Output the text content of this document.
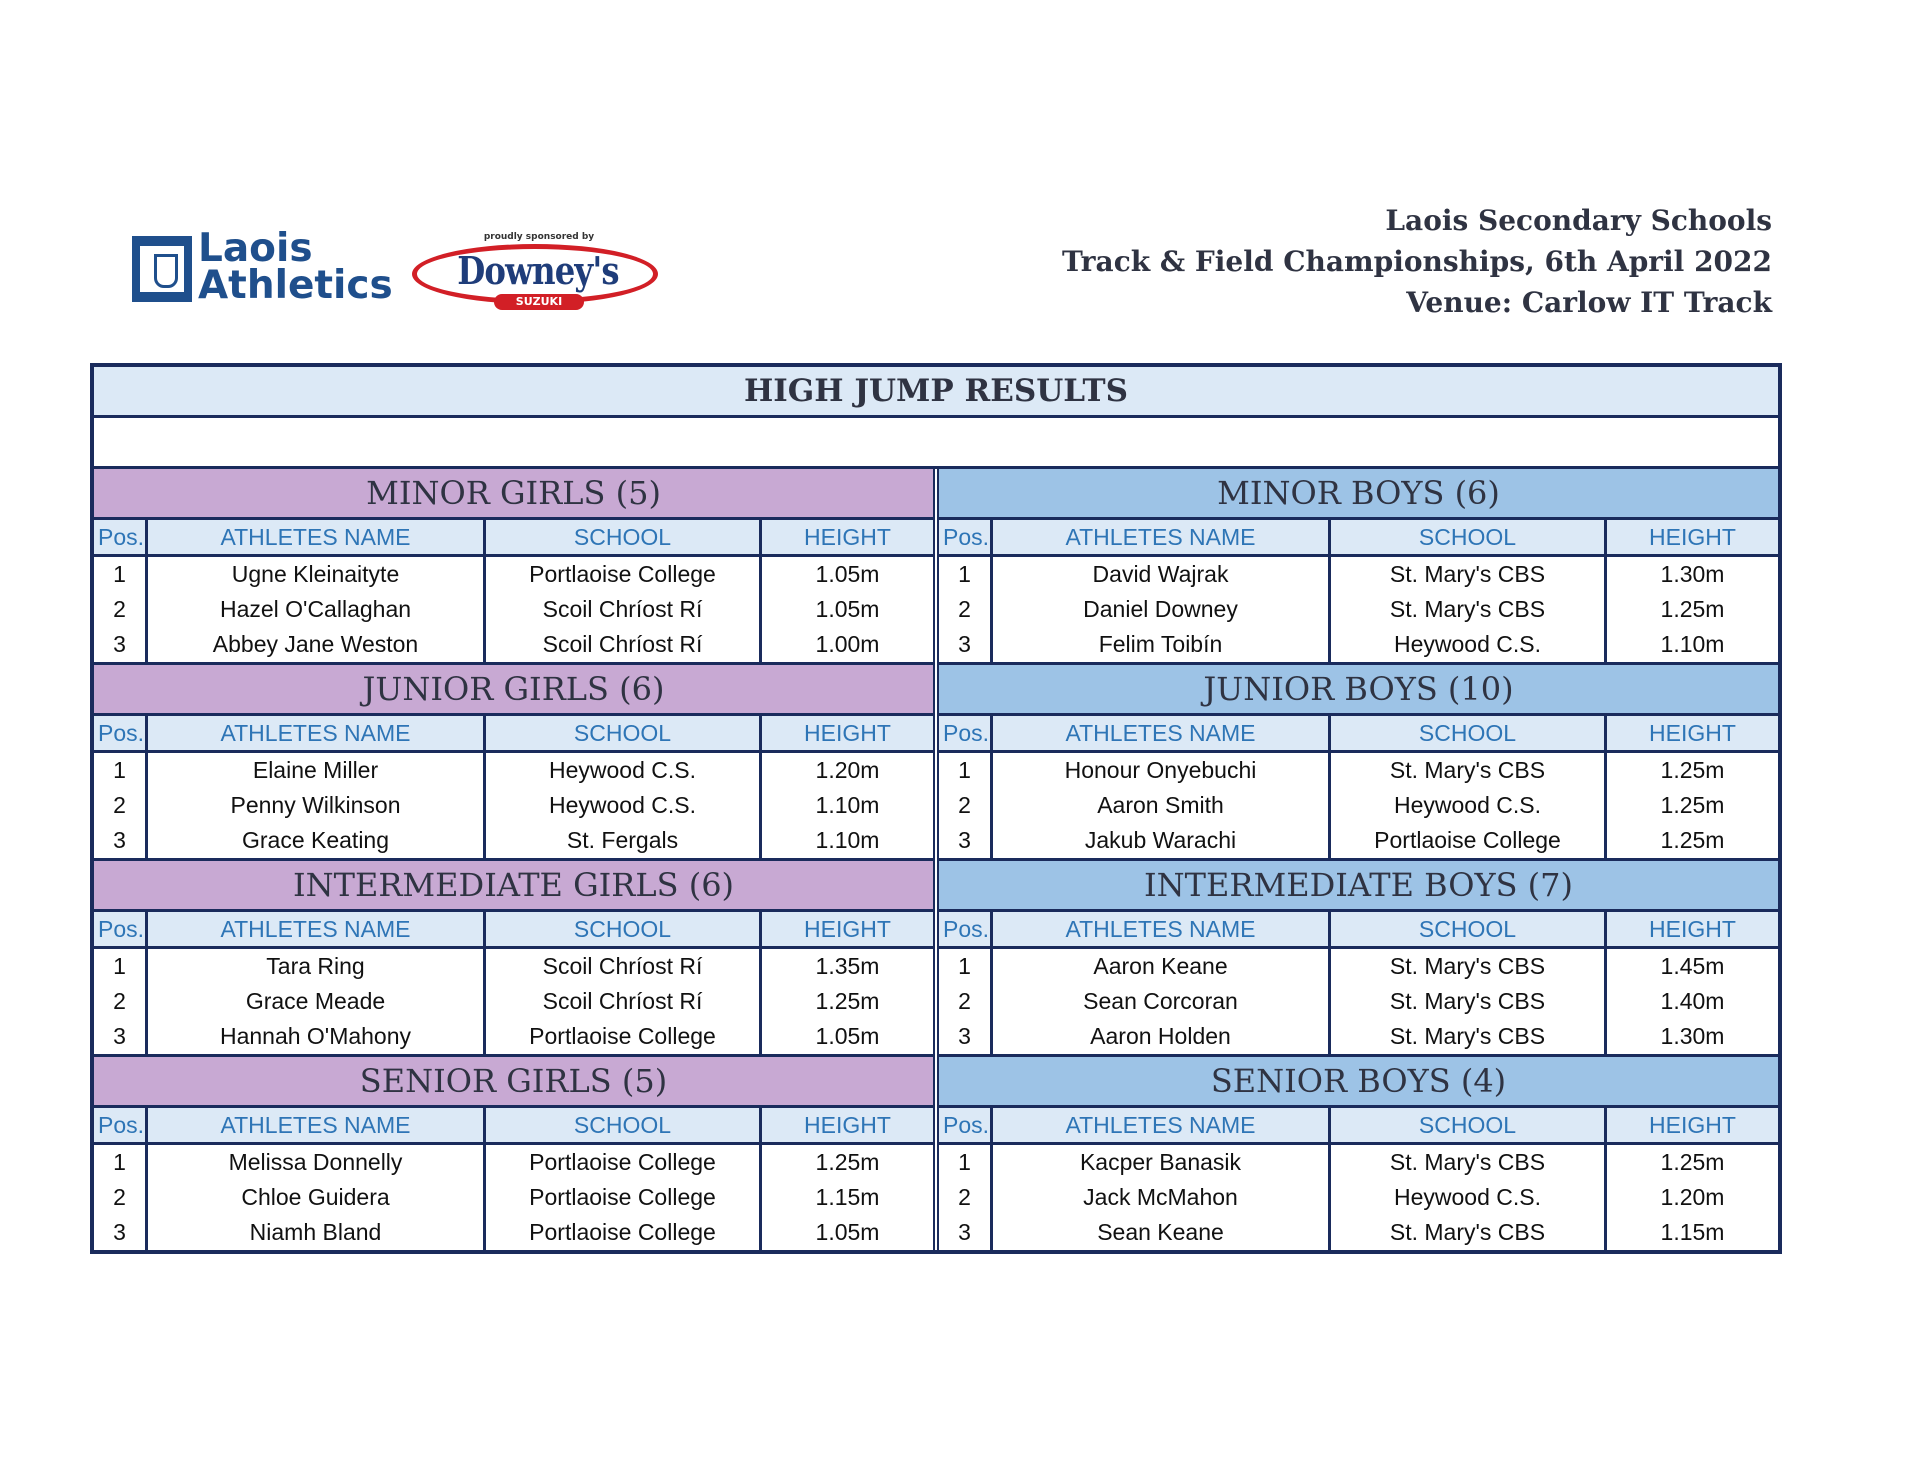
Laois
Athletics
proudly sponsored by
Downey's
SUZUKI
Laois Secondary Schools
Track & Field Championships, 6th April 2022
Venue: Carlow IT Track
HIGH JUMP RESULTS
MINOR GIRLS (5)
Pos.	ATHLETES NAME	SCHOOL	HEIGHT
1	Ugne Kleinaityte	Portlaoise College	1.05m
2	Hazel O'Callaghan	Scoil Chríost Rí	1.05m
3	Abbey Jane Weston	Scoil Chríost Rí	1.00m
JUNIOR GIRLS (6)
Pos.	ATHLETES NAME	SCHOOL	HEIGHT
1	Elaine Miller	Heywood C.S.	1.20m
2	Penny Wilkinson	Heywood C.S.	1.10m
3	Grace Keating	St. Fergals	1.10m
INTERMEDIATE GIRLS (6)
Pos.	ATHLETES NAME	SCHOOL	HEIGHT
1	Tara Ring	Scoil Chríost Rí	1.35m
2	Grace Meade	Scoil Chríost Rí	1.25m
3	Hannah O'Mahony	Portlaoise College	1.05m
SENIOR GIRLS (5)
Pos.	ATHLETES NAME	SCHOOL	HEIGHT
1	Melissa Donnelly	Portlaoise College	1.25m
2	Chloe Guidera	Portlaoise College	1.15m
3	Niamh Bland	Portlaoise College	1.05m
MINOR BOYS (6)
Pos.	ATHLETES NAME	SCHOOL	HEIGHT
1	David Wajrak	St. Mary's CBS	1.30m
2	Daniel Downey	St. Mary's CBS	1.25m
3	Felim Toibín	Heywood C.S.	1.10m
JUNIOR BOYS (10)
Pos.	ATHLETES NAME	SCHOOL	HEIGHT
1	Honour Onyebuchi	St. Mary's CBS	1.25m
2	Aaron Smith	Heywood C.S.	1.25m
3	Jakub Warachi	Portlaoise College	1.25m
INTERMEDIATE BOYS (7)
Pos.	ATHLETES NAME	SCHOOL	HEIGHT
1	Aaron Keane	St. Mary's CBS	1.45m
2	Sean Corcoran	St. Mary's CBS	1.40m
3	Aaron Holden	St. Mary's CBS	1.30m
SENIOR BOYS (4)
Pos.	ATHLETES NAME	SCHOOL	HEIGHT
1	Kacper Banasik	St. Mary's CBS	1.25m
2	Jack McMahon	Heywood C.S.	1.20m
3	Sean Keane	St. Mary's CBS	1.15m
